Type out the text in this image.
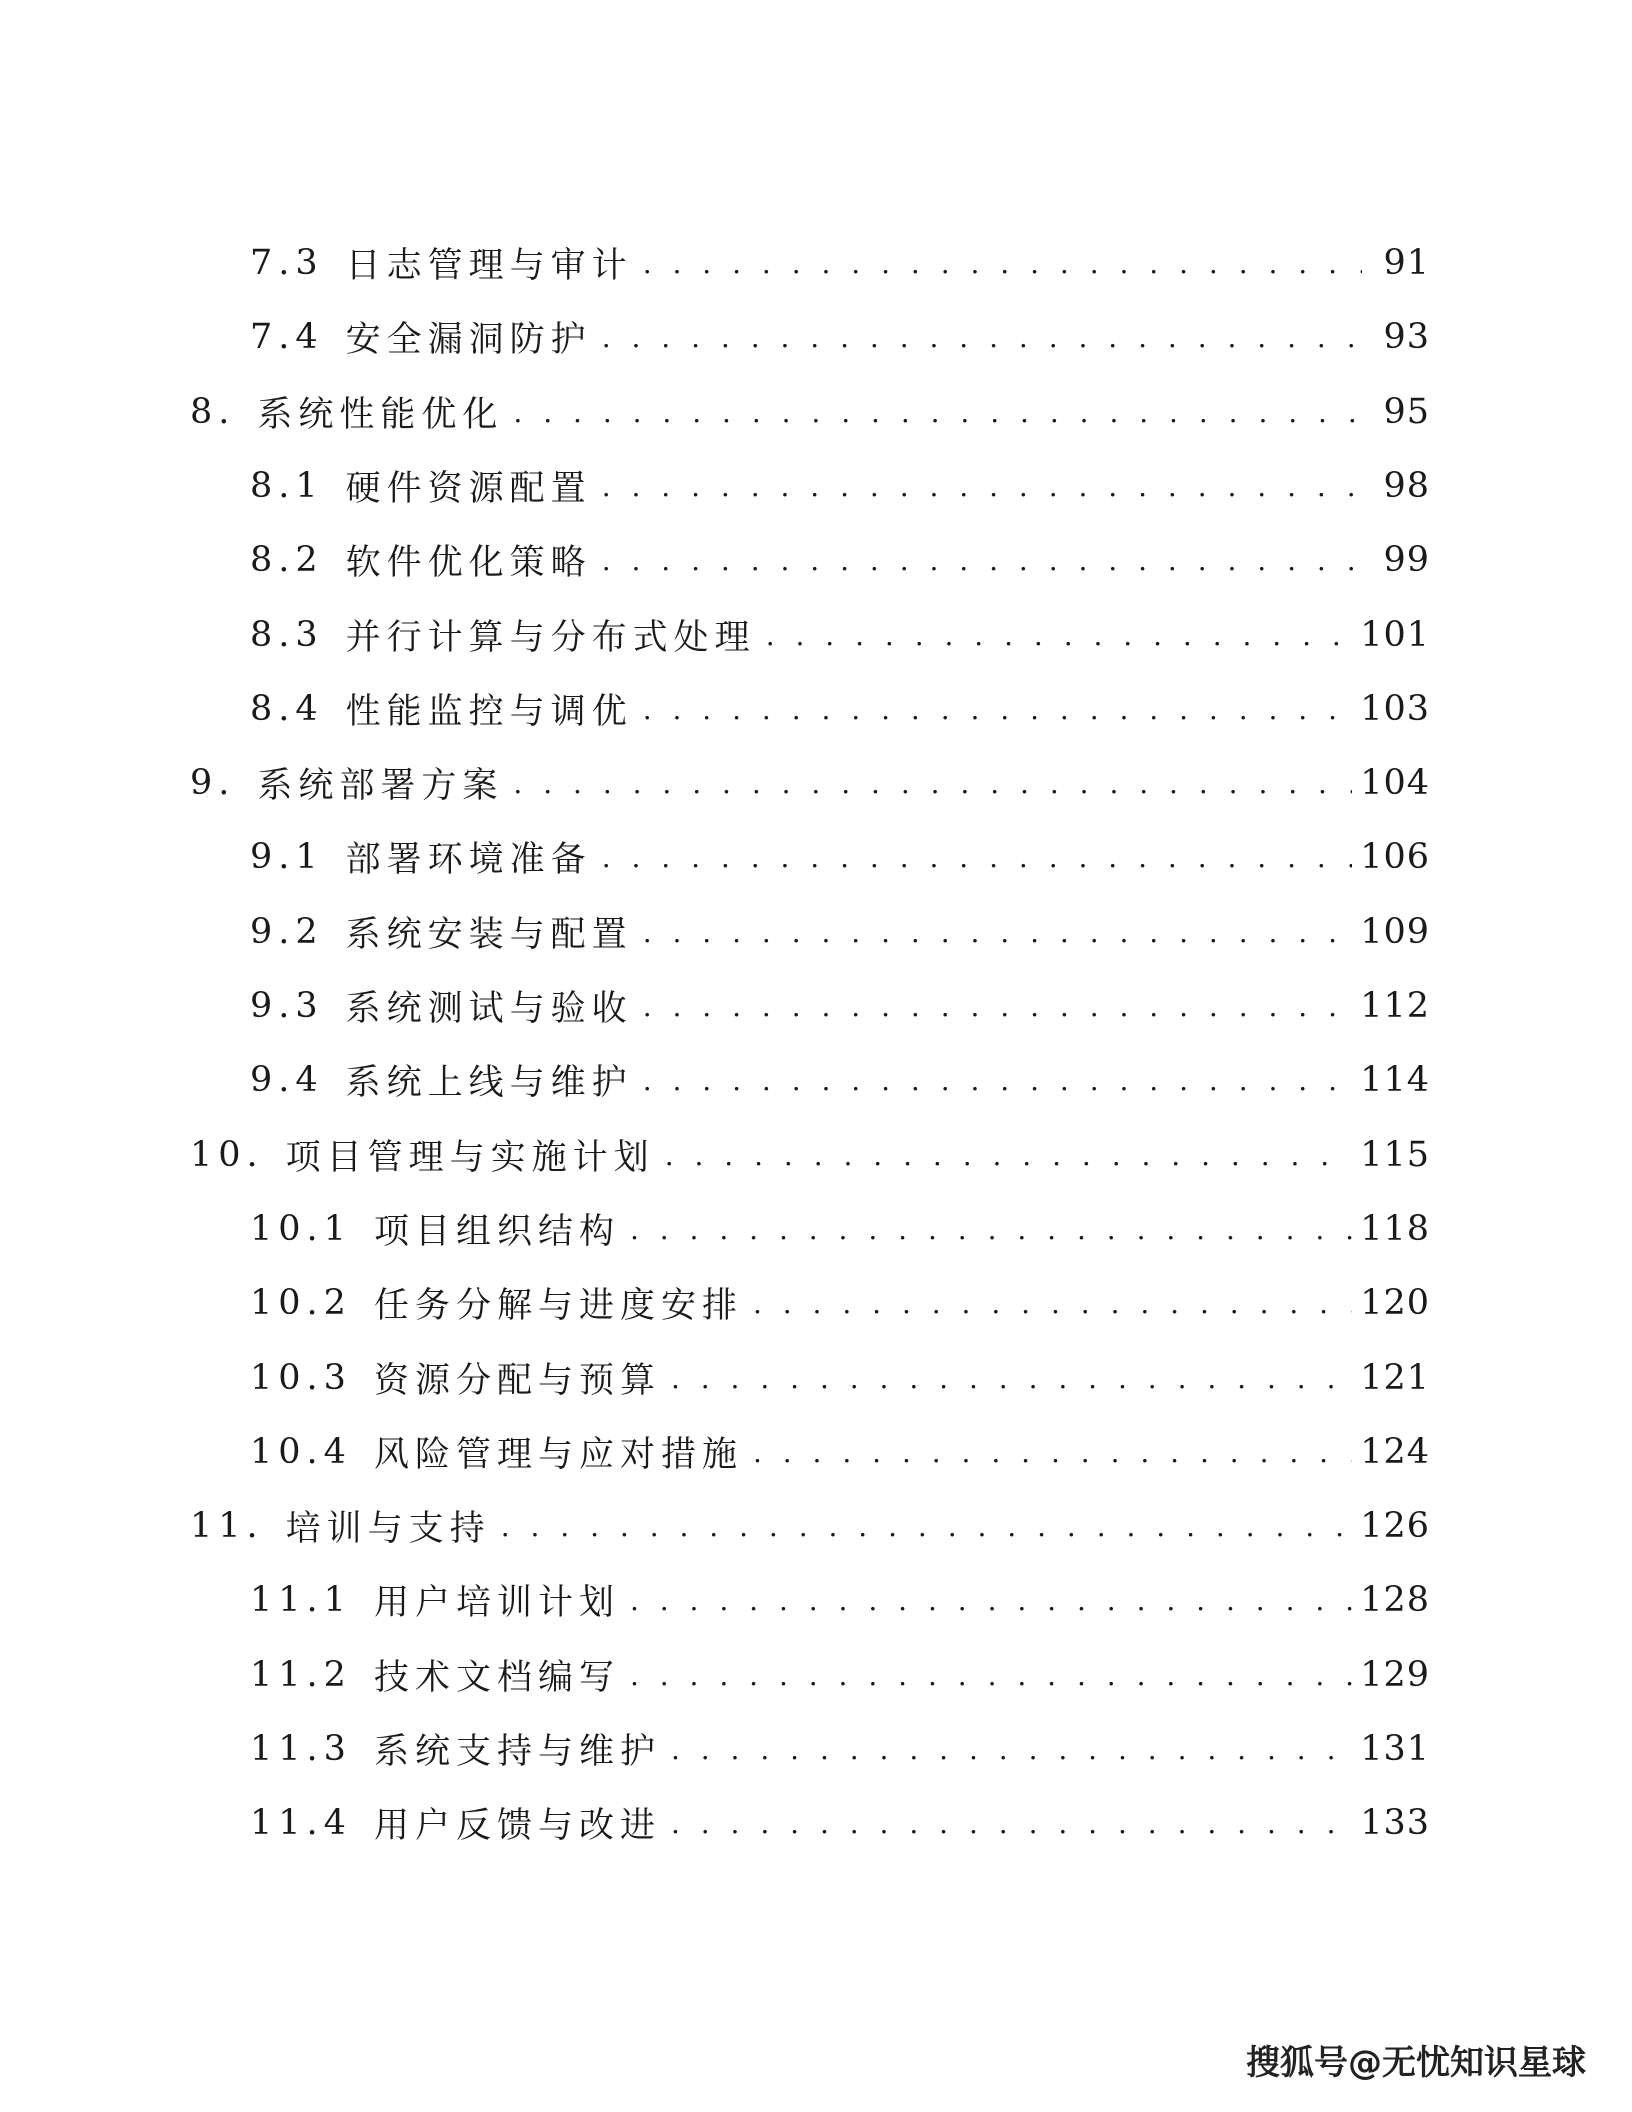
7.3 日志管理与审计 . . .	91
7.4 安全漏洞防护 . . .	93
8. 系统性能优化 . . .	95
8.1 硬件资源配置 . . .	98
8.2 软件优化策略 . . .	99
8.3 并行计算与分布式处理 . . .	101
8.4 性能监控与调优 . . .	103
9. 系统部署方案 . . .	104
9.1 部署环境准备 . . .	106
9.2 系统安装与配置 . . .	109
9.3 系统测试与验收 . . .	112
9.4 系统上线与维护 . . .	114
10. 项目管理与实施计划 . . .	115
10.1 项目组织结构 . . .	118
10.2 任务分解与进度安排 . . .	120
10.3 资源分配与预算 . . .	121
10.4 风险管理与应对措施 . . .	124
11. 培训与支持 . . .	126
11.1 用户培训计划 . . .	128
11.2 技术文档编写 . . .	129
11.3 系统支持与维护 . . .	131
11.4 用户反馈与改进 . . .	133
搜狐号@无忧知识星球
